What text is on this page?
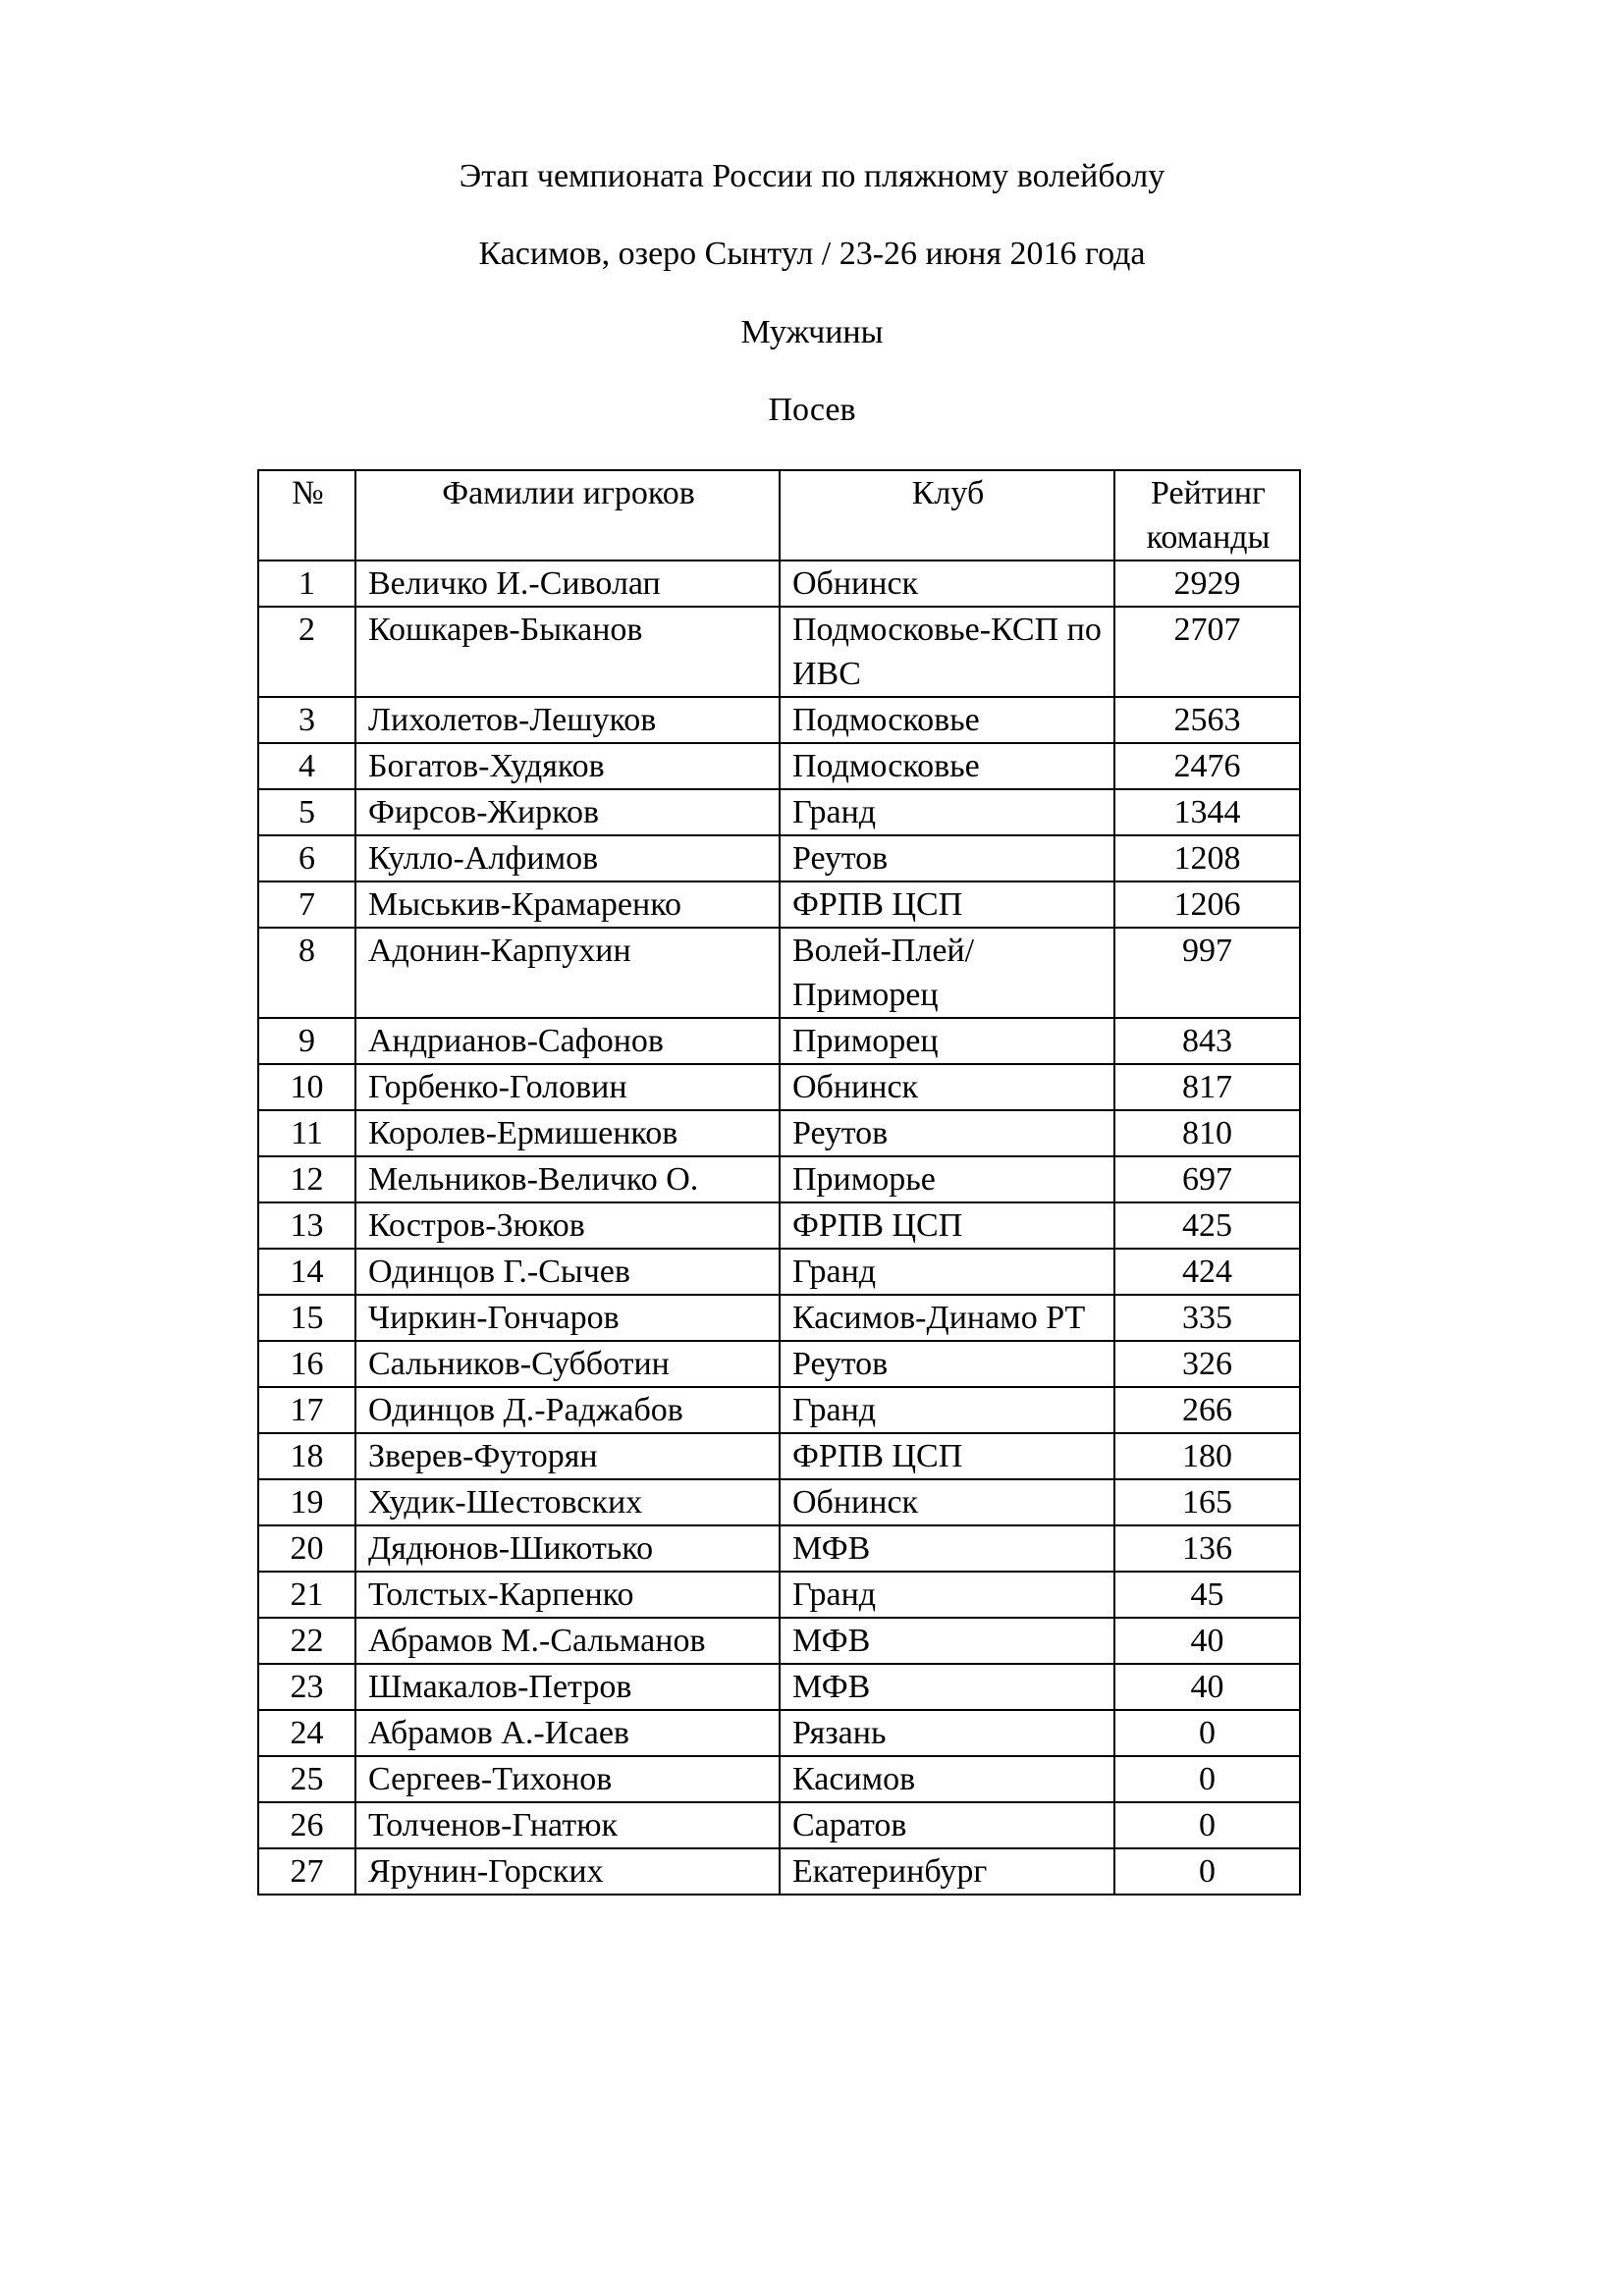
Этап чемпионата России по пляжному волейболу
Касимов, озеро Сынтул / 23-26 июня 2016 года
Мужчины
Посев
№	Фамилии игроков	Клуб	Рейтинг команды
1	Величко И.-Сиволап	Обнинск	2929
2	Кошкарев-Быканов	Подмосковье-КСП по ИВС	2707
3	Лихолетов-Лешуков	Подмосковье	2563
4	Богатов-Худяков	Подмосковье	2476
5	Фирсов-Жирков	Гранд	1344
6	Кулло-Алфимов	Реутов	1208
7	Мыськив-Крамаренко	ФРПВ ЦСП	1206
8	Адонин-Карпухин	Волей-Плей/Приморец	997
9	Андрианов-Сафонов	Приморец	843
10	Горбенко-Головин	Обнинск	817
11	Королев-Ермишенков	Реутов	810
12	Мельников-Величко О.	Приморье	697
13	Костров-Зюков	ФРПВ ЦСП	425
14	Одинцов Г.-Сычев	Гранд	424
15	Чиркин-Гончаров	Касимов-Динамо РТ	335
16	Сальников-Субботин	Реутов	326
17	Одинцов Д.-Раджабов	Гранд	266
18	Зверев-Футорян	ФРПВ ЦСП	180
19	Худик-Шестовских	Обнинск	165
20	Дядюнов-Шикотько	МФВ	136
21	Толстых-Карпенко	Гранд	45
22	Абрамов М.-Сальманов	МФВ	40
23	Шмакалов-Петров	МФВ	40
24	Абрамов А.-Исаев	Рязань	0
25	Сергеев-Тихонов	Касимов	0
26	Толченов-Гнатюк	Саратов	0
27	Ярунин-Горских	Екатеринбург	0
